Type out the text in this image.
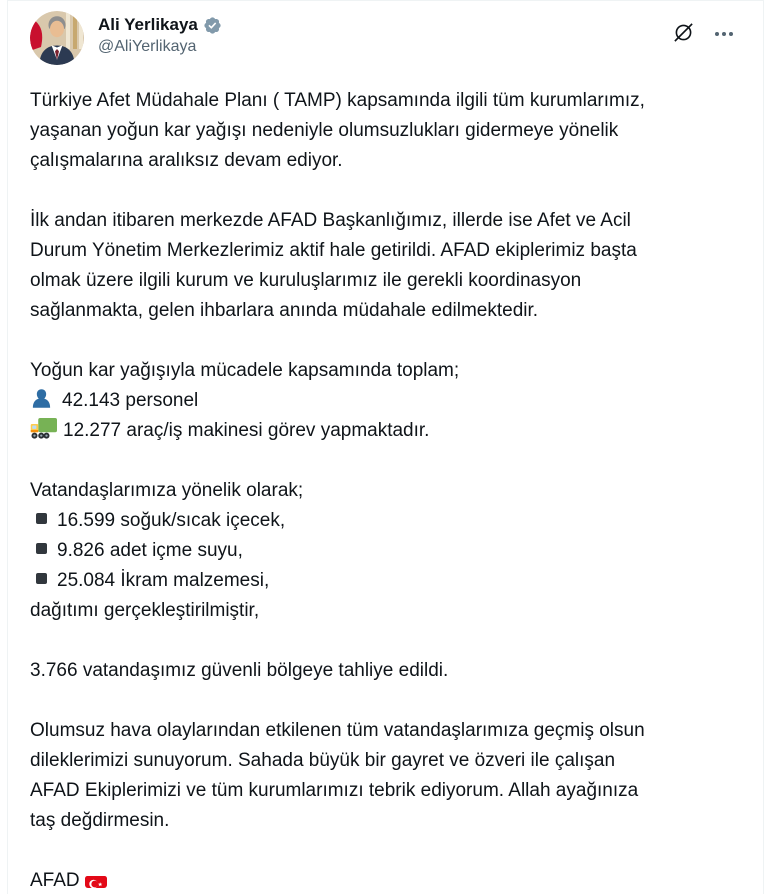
Ali Yerlikaya
@AliYerlikaya
Türkiye Afet Müdahale Planı ( TAMP) kapsamında ilgili tüm kurumlarımız,
yaşanan yoğun kar yağışı nedeniyle olumsuzlukları gidermeye yönelik
çalışmalarına aralıksız devam ediyor.
İlk andan itibaren merkezde AFAD Başkanlığımız, illerde ise Afet ve Acil
Durum Yönetim Merkezlerimiz aktif hale getirildi. AFAD ekiplerimiz başta
olmak üzere ilgili kurum ve kuruluşlarımız ile gerekli koordinasyon
sağlanmakta, gelen ihbarlara anında müdahale edilmektedir.
Yoğun kar yağışıyla mücadele kapsamında toplam;
42.143 personel
12.277 araç/iş makinesi görev yapmaktadır.
Vatandaşlarımıza yönelik olarak;
16.599 soğuk/sıcak içecek,
9.826 adet içme suyu,
25.084 İkram malzemesi,
dağıtımı gerçekleştirilmiştir,
3.766 vatandaşımız güvenli bölgeye tahliye edildi.
Olumsuz hava olaylarından etkilenen tüm vatandaşlarımıza geçmiş olsun
dileklerimizi sunuyorum. Sahada büyük bir gayret ve özveri ile çalışan
AFAD Ekiplerimizi ve tüm kurumlarımızı tebrik ediyorum. Allah ayağınıza
taş değdirmesin.
AFAD
